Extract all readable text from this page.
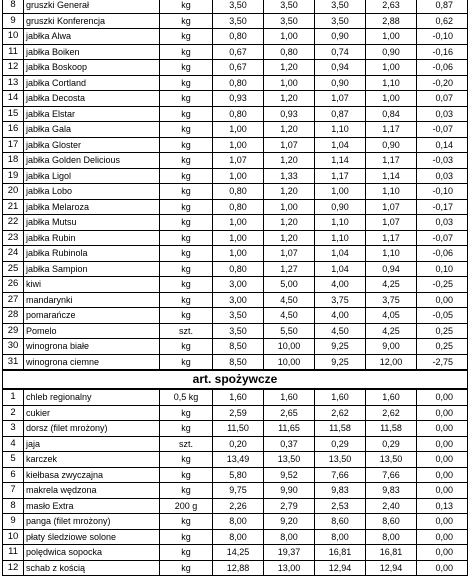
8	gruszki Generał	kg	3,50	3,50	3,50	2,63	0,87
9	gruszki Konferencja	kg	3,50	3,50	3,50	2,88	0,62
10	jabłka Alwa	kg	0,80	1,00	0,90	1,00	-0,10
11	jabłka Boiken	kg	0,67	0,80	0,74	0,90	-0,16
12	jabłka Boskoop	kg	0,67	1,20	0,94	1,00	-0,06
13	jabłka Cortland	kg	0,80	1,00	0,90	1,10	-0,20
14	jabłka Decosta	kg	0,93	1,20	1,07	1,00	0,07
15	jabłka Elstar	kg	0,80	0,93	0,87	0,84	0,03
16	jabłka Gala	kg	1,00	1,20	1,10	1,17	-0,07
17	jabłka Gloster	kg	1,00	1,07	1,04	0,90	0,14
18	jabłka Golden Delicious	kg	1,07	1,20	1,14	1,17	-0,03
19	jabłka Ligol	kg	1,00	1,33	1,17	1,14	0,03
20	jabłka Lobo	kg	0,80	1,20	1,00	1,10	-0,10
21	jabłka Melaroza	kg	0,80	1,00	0,90	1,07	-0,17
22	jabłka Mutsu	kg	1,00	1,20	1,10	1,07	0,03
23	jabłka Rubin	kg	1,00	1,20	1,10	1,17	-0,07
24	jabłka Rubinola	kg	1,00	1,07	1,04	1,10	-0,06
25	jabłka Sampion	kg	0,80	1,27	1,04	0,94	0,10
26	kiwi	kg	3,00	5,00	4,00	4,25	-0,25
27	mandarynki	kg	3,00	4,50	3,75	3,75	0,00
28	pomarańcze	kg	3,50	4,50	4,00	4,05	-0,05
29	Pomelo	szt.	3,50	5,50	4,50	4,25	0,25
30	winogrona białe	kg	8,50	10,00	9,25	9,00	0,25
31	winogrona ciemne	kg	8,50	10,00	9,25	12,00	-2,75
art. spożywcze							
1	chleb regionalny	0,5 kg	1,60	1,60	1,60	1,60	0,00
2	cukier	kg	2,59	2,65	2,62	2,62	0,00
3	dorsz (filet mrożony)	kg	11,50	11,65	11,58	11,58	0,00
4	jaja	szt.	0,20	0,37	0,29	0,29	0,00
5	karczek	kg	13,49	13,50	13,50	13,50	0,00
6	kiełbasa zwyczajna	kg	5,80	9,52	7,66	7,66	0,00
7	makrela wędzona	kg	9,75	9,90	9,83	9,83	0,00
8	masło Extra	200 g	2,26	2,79	2,53	2,40	0,13
9	panga (filet mrożony)	kg	8,00	9,20	8,60	8,60	0,00
10	płaty śledziowe solone	kg	8,00	8,00	8,00	8,00	0,00
11	polędwica sopocka	kg	14,25	19,37	16,81	16,81	0,00
12	schab z kością	kg	12,88	13,00	12,94	12,94	0,00
